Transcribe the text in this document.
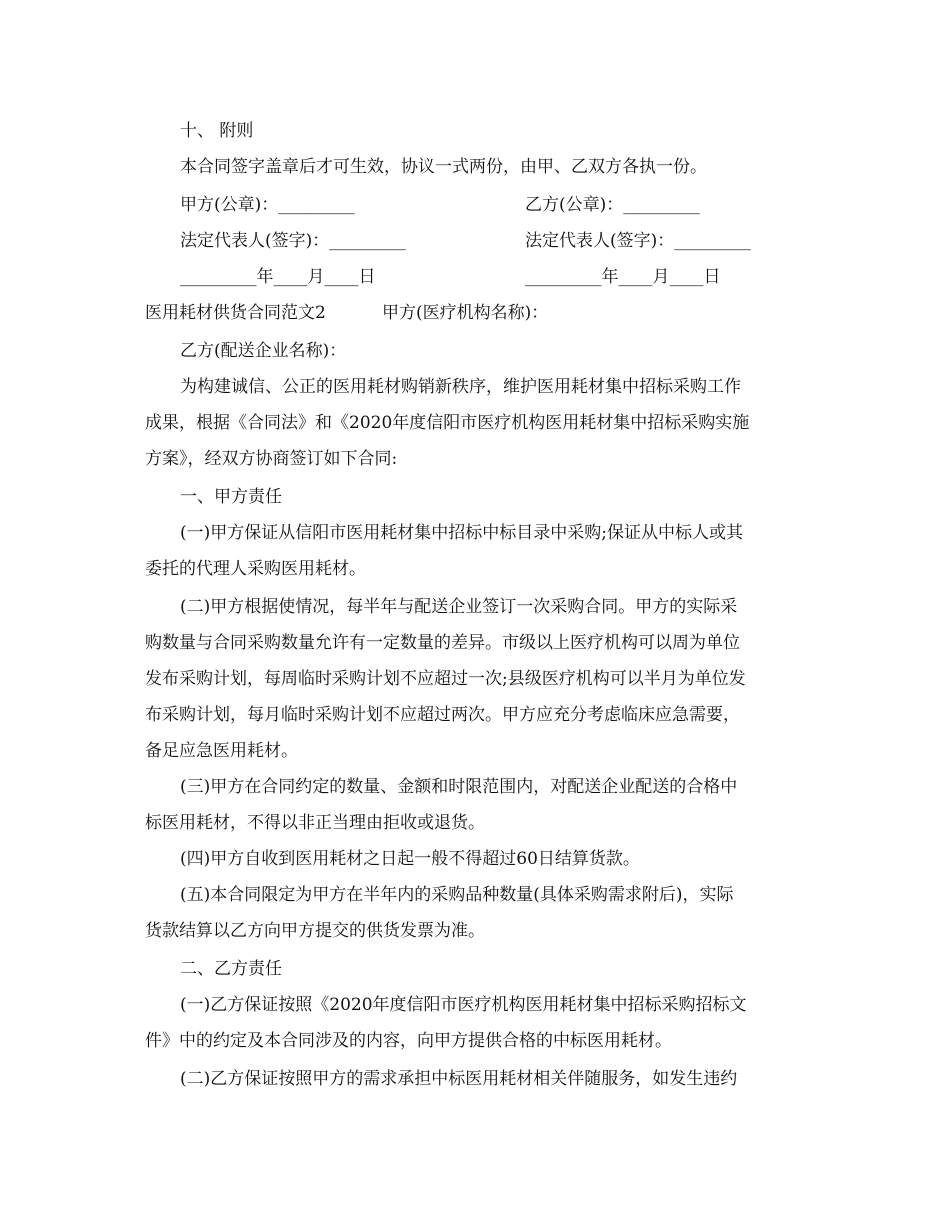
十、 附则
本合同签字盖章后才可生效，协议一式两份，由甲、乙双方各执一份。
甲方(公章)：_________	乙方(公章)：_________
法定代表人(签字)：_________	法定代表人(签字)：_________
_________年____月____日	_________年____月____日
医用耗材供货合同范文2	甲方(医疗机构名称)：
乙方(配送企业名称)：
为构建诚信、公正的医用耗材购销新秩序，维护医用耗材集中招标采购工作
成果，根据《合同法》和《2020年度信阳市医疗机构医用耗材集中招标采购实施
方案》，经双方协商签订如下合同:
一、甲方责任
(一)甲方保证从信阳市医用耗材集中招标中标目录中采购;保证从中标人或其
委托的代理人采购医用耗材。
(二)甲方根据使情况，每半年与配送企业签订一次采购合同。甲方的实际采
购数量与合同采购数量允许有一定数量的差异。市级以上医疗机构可以周为单位
发布采购计划，每周临时采购计划不应超过一次;县级医疗机构可以半月为单位发
布采购计划，每月临时采购计划不应超过两次。甲方应充分考虑临床应急需要，
备足应急医用耗材。
(三)甲方在合同约定的数量、金额和时限范围内，对配送企业配送的合格中
标医用耗材，不得以非正当理由拒收或退货。
(四)甲方自收到医用耗材之日起一般不得超过60日结算货款。
(五)本合同限定为甲方在半年内的采购品种数量(具体采购需求附后)，实际
货款结算以乙方向甲方提交的供货发票为准。
二、乙方责任
(一)乙方保证按照《2020年度信阳市医疗机构医用耗材集中招标采购招标文
件》中的约定及本合同涉及的内容，向甲方提供合格的中标医用耗材。
(二)乙方保证按照甲方的需求承担中标医用耗材相关伴随服务，如发生违约
